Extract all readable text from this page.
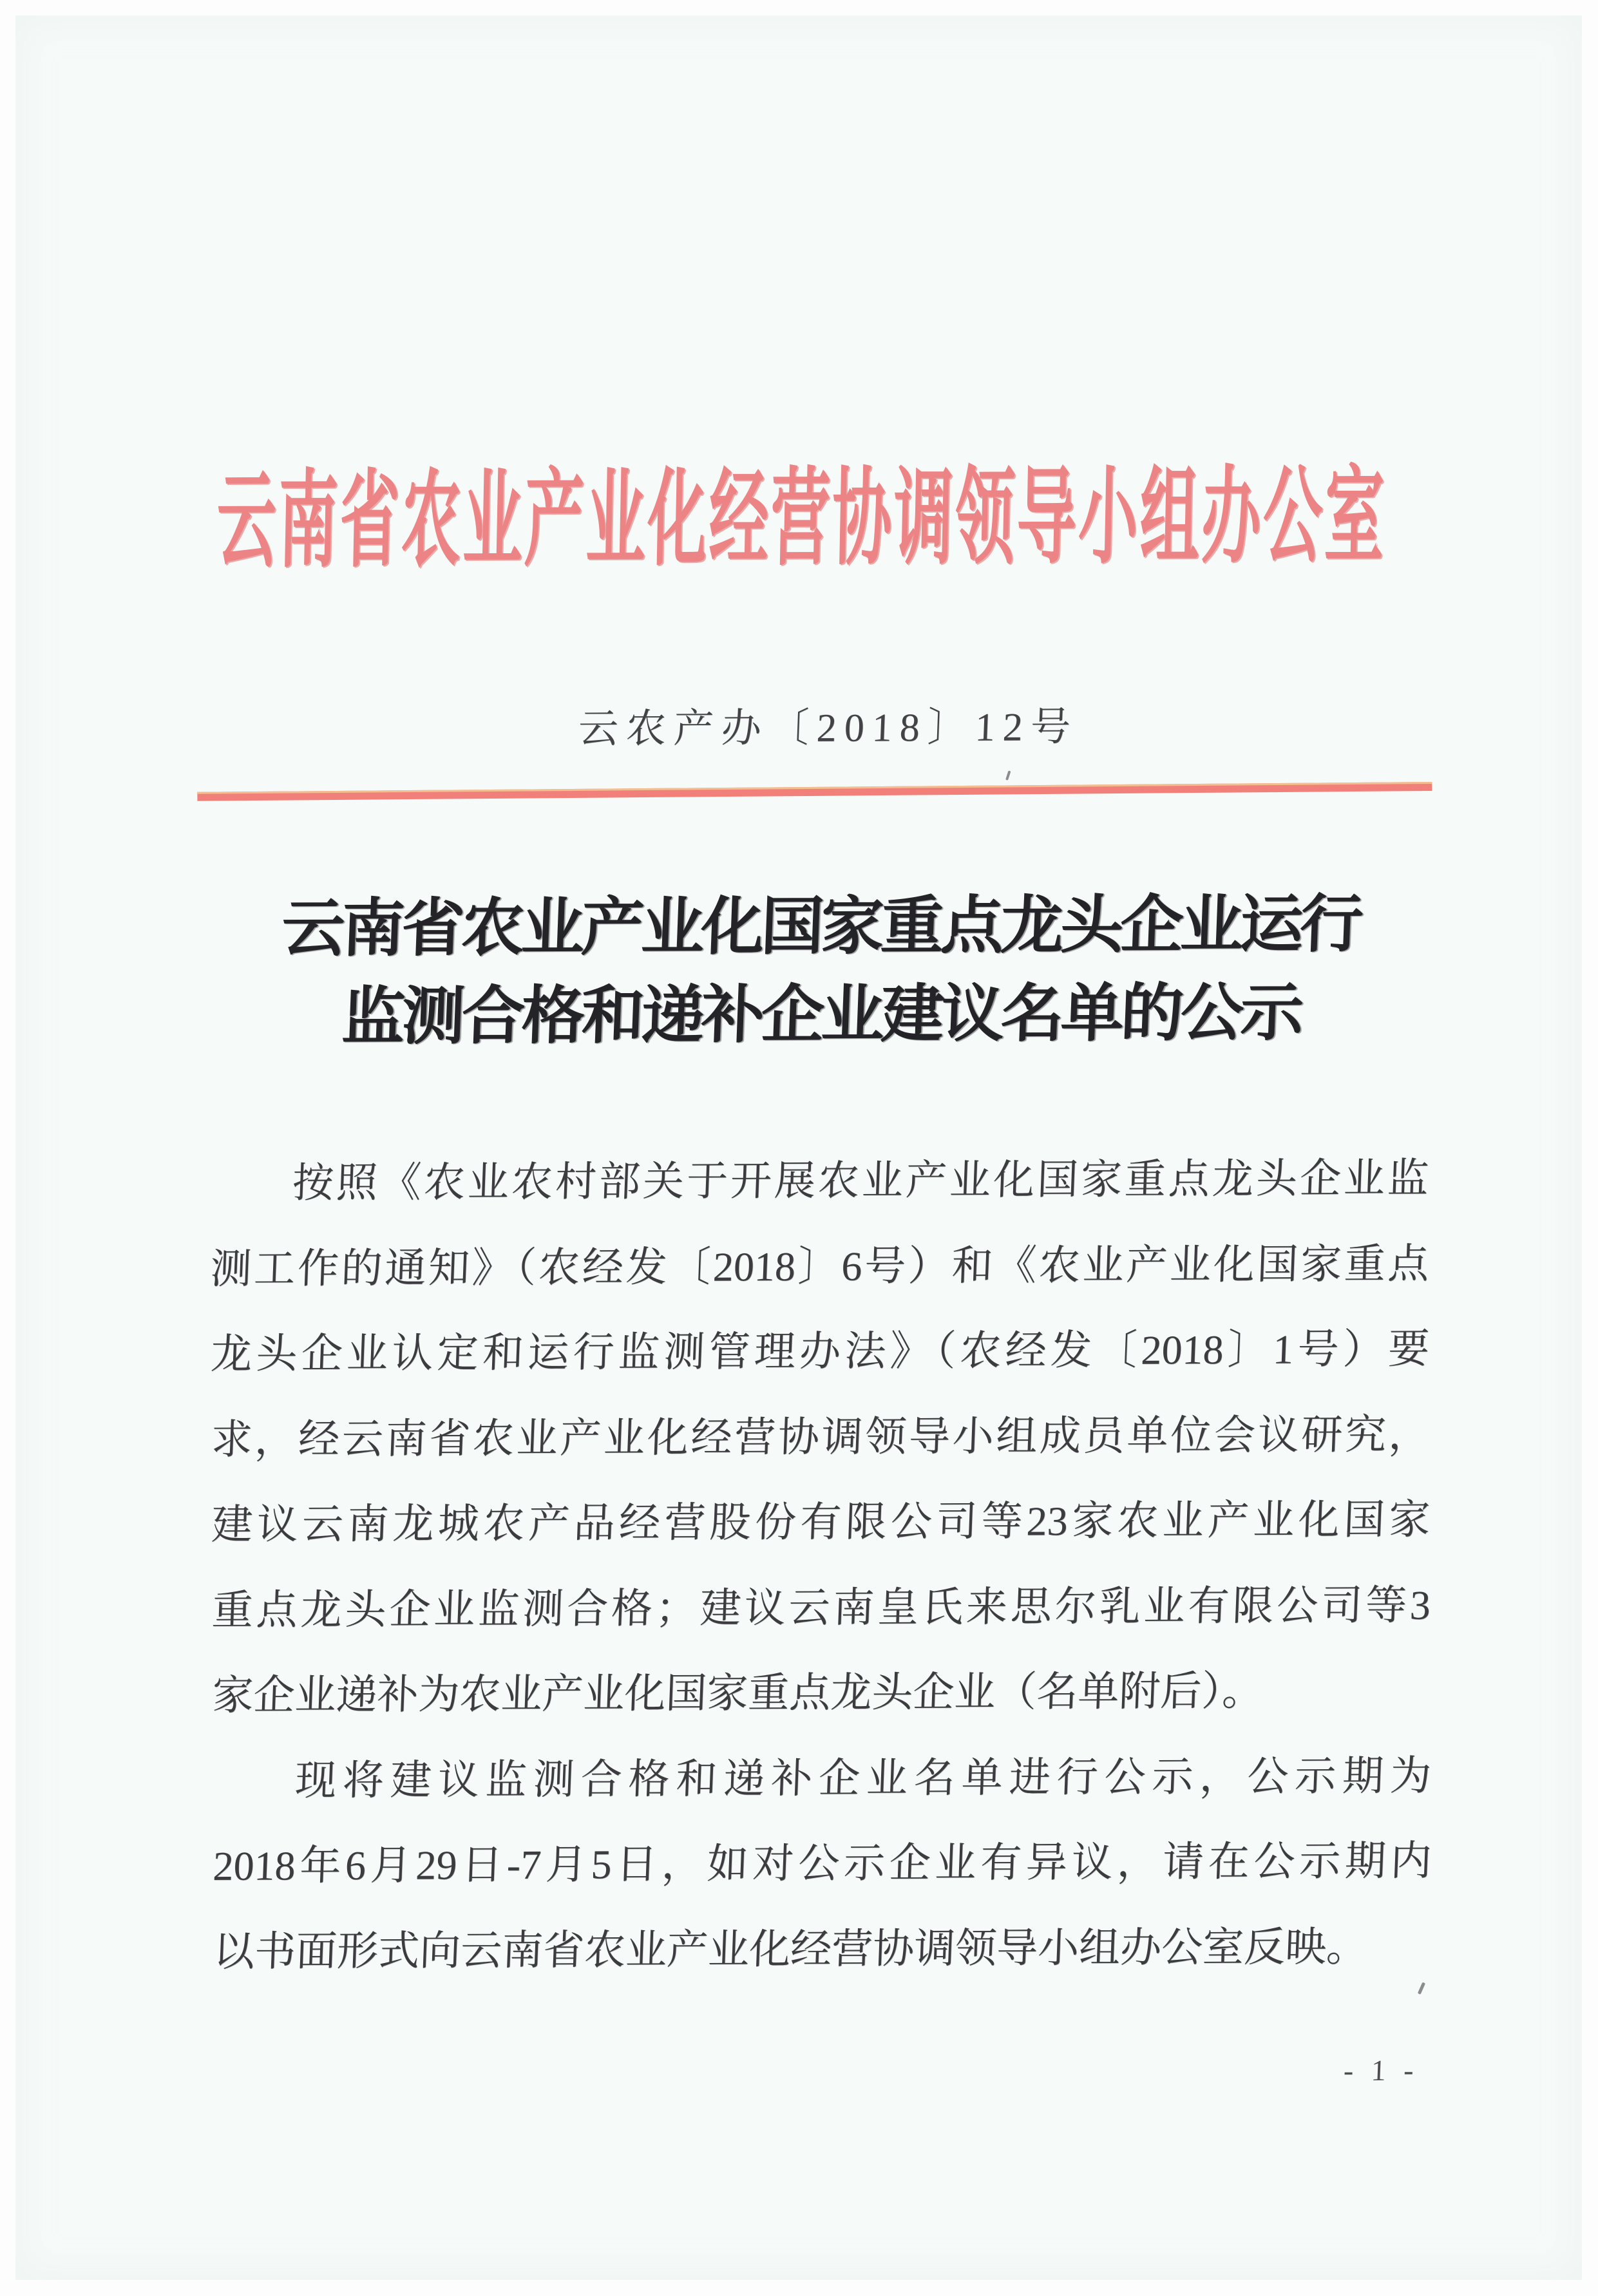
云南省农业产业化经营协调领导小组办公室
云农产办〔2018〕12号
云南省农业产业化国家重点龙头企业运行
监测合格和递补企业建议名单的公示
按照《农业农村部关于开展农业产业化国家重点龙头企业监
测工作的通知》（农经发〔2018〕6号）和《农业产业化国家重点
龙头企业认定和运行监测管理办法》（农经发〔2018〕1号）要
求，经云南省农业产业化经营协调领导小组成员单位会议研究，
建议云南龙城农产品经营股份有限公司等23家农业产业化国家
重点龙头企业监测合格；建议云南皇氏来思尔乳业有限公司等3
家企业递补为农业产业化国家重点龙头企业（名单附后）。
现将建议监测合格和递补企业名单进行公示，公示期为
2018年6月29日-7月5日，如对公示企业有异议，请在公示期内
以书面形式向云南省农业产业化经营协调领导小组办公室反映。
- 1 -
